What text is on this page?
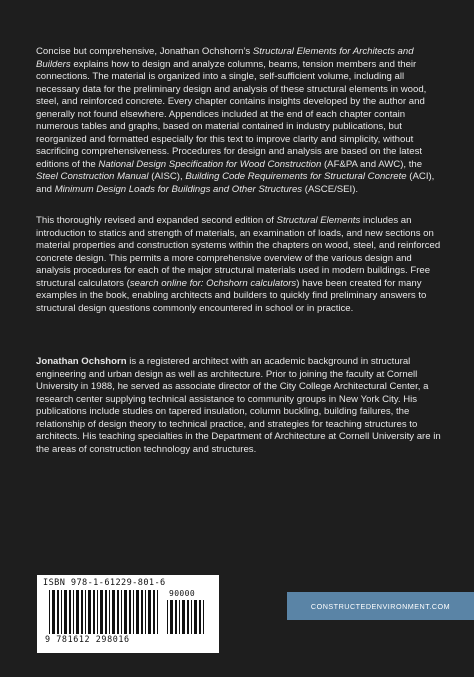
Concise but comprehensive, Jonathan Ochshorn’s Structural Elements for Architects and Builders explains how to design and analyze columns, beams, tension members and their connections. The material is organized into a single, self-sufficient volume, including all necessary data for the preliminary design and analysis of these structural elements in wood, steel, and reinforced concrete. Every chapter contains insights developed by the author and generally not found elsewhere. Appendices included at the end of each chapter contain numerous tables and graphs, based on material contained in industry publications, but reorganized and formatted especially for this text to improve clarity and simplicity, without sacrificing comprehensiveness. Procedures for design and analysis are based on the latest editions of the National Design Specification for Wood Construction (AF&PA and AWC), the Steel Construction Manual (AISC), Building Code Requirements for Structural Concrete (ACI), and Minimum Design Loads for Buildings and Other Structures (ASCE/SEI).

This thoroughly revised and expanded second edition of Structural Elements includes an introduction to statics and strength of materials, an examination of loads, and new sections on material properties and construction systems within the chapters on wood, steel, and reinforced concrete design. This permits a more comprehensive overview of the various design and analysis procedures for each of the major structural materials used in modern buildings. Free structural calculators (search online for: Ochshorn calculators) have been created for many examples in the book, enabling architects and builders to quickly find preliminary answers to structural design questions commonly encountered in school or in practice.

Jonathan Ochshorn is a registered architect with an academic background in structural engineering and urban design as well as architecture. Prior to joining the faculty at Cornell University in 1988, he served as associate director of the City College Architectural Center, a research center supplying technical assistance to community groups in New York City. His publications include studies on tapered insulation, column buckling, building failures, the relationship of design theory to technical practice, and strategies for teaching structures to architects. His teaching specialties in the Department of Architecture at Cornell University are in the areas of construction technology and structures.

ISBN 978-1-61229-801-6
90000
9 781612 298016
CONSTRUCTEDENVIRONMENT.COM
